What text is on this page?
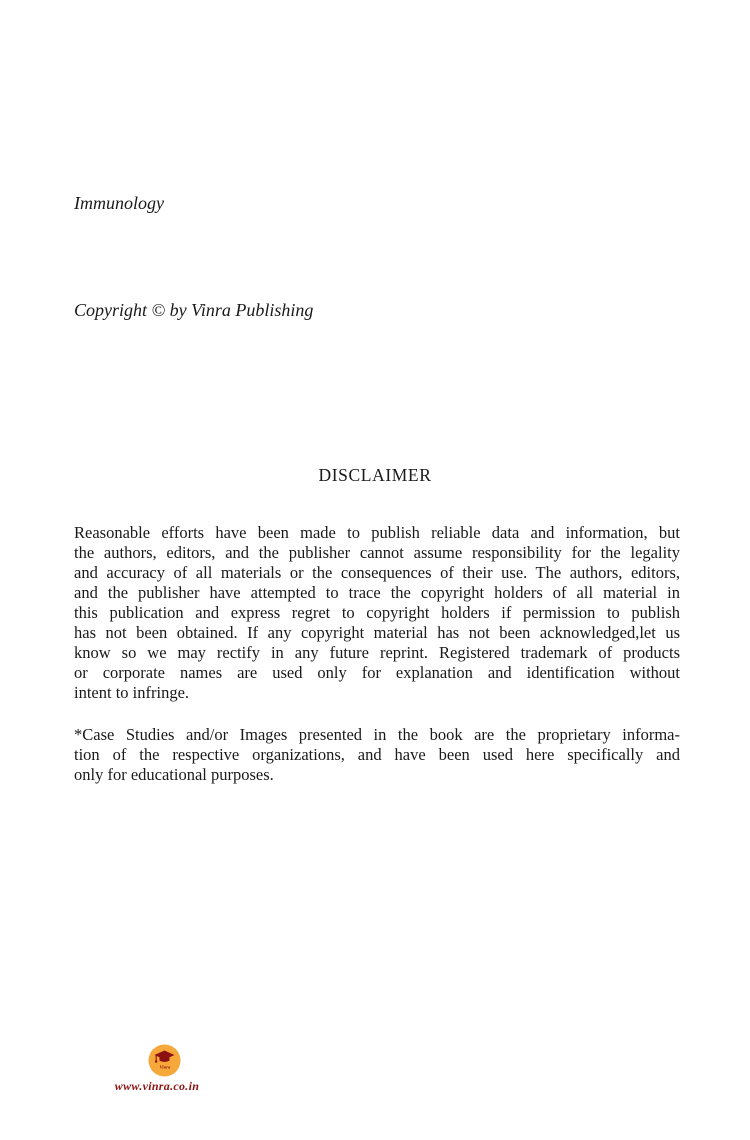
Immunology
Copyright © by Vinra Publishing
DISCLAIMER
Reasonable efforts have been made to publish reliable data and information, but
the authors, editors, and the publisher cannot assume responsibility for the legality
and accuracy of all materials or the consequences of their use. The authors, editors,
and the publisher have attempted to trace the copyright holders of all material in
this publication and express regret to copyright holders if permission to publish
has not been obtained. If any copyright material has not been acknowledged,let us
know so we may rectify in any future reprint. Registered trademark of products
or corporate names are used only for explanation and identification without
intent to infringe.
*Case Studies and/or Images presented in the book are the proprietary informa-
tion of the respective organizations, and have been used here specifically and
only for educational purposes.
Vinra
www.vinra.co.in
